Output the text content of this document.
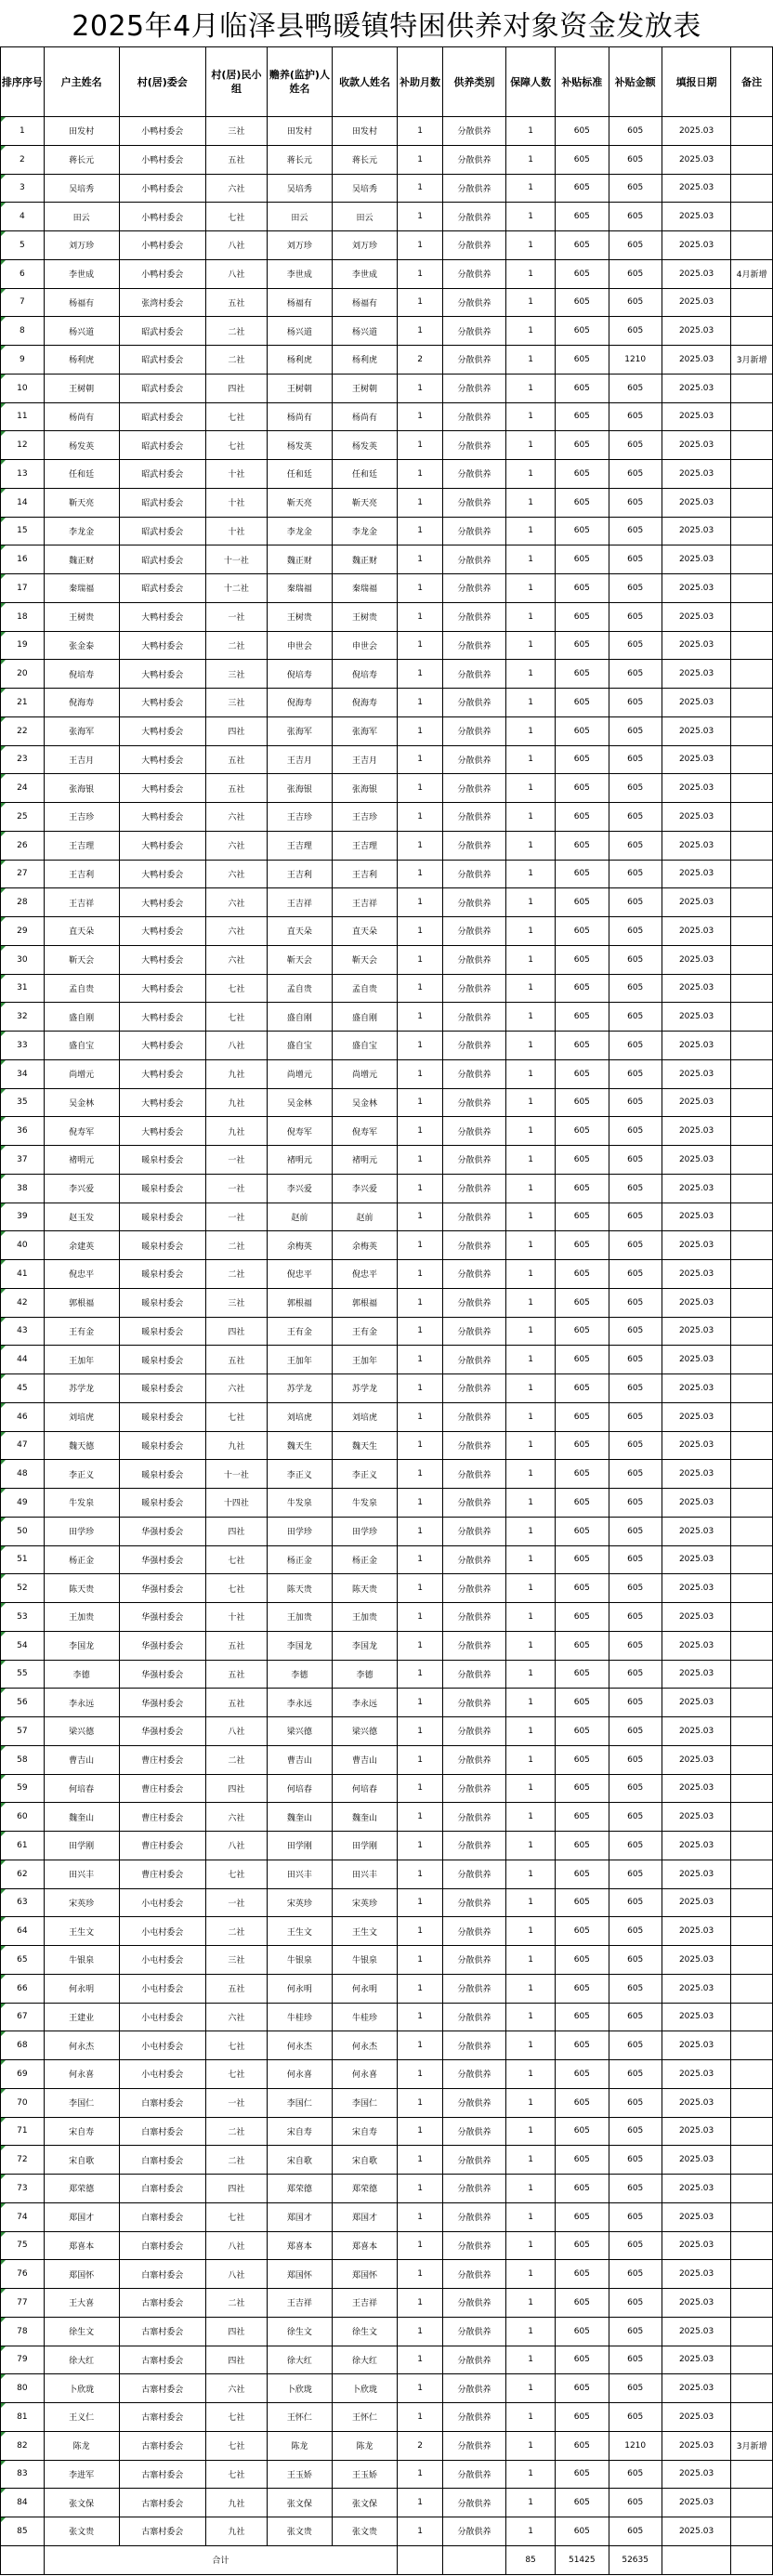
2025年4月临泽县鸭暖镇特困供养对象资金发放表
排序序号	户主姓名	村(居)委会	村(居)民小组	赡养(监护)人姓名	收款人姓名	补助月数	供养类别	保障人数	补贴标准	补贴金额	填报日期	备注
1	田发村	小鸭村委会	三社	田发村	田发村	1	分散供养	1	605	605	2025.03	
2	蒋长元	小鸭村委会	五社	蒋长元	蒋长元	1	分散供养	1	605	605	2025.03	
3	吴培秀	小鸭村委会	六社	吴培秀	吴培秀	1	分散供养	1	605	605	2025.03	
4	田云	小鸭村委会	七社	田云	田云	1	分散供养	1	605	605	2025.03	
5	刘万珍	小鸭村委会	八社	刘万珍	刘万珍	1	分散供养	1	605	605	2025.03	
6	李世成	小鸭村委会	八社	李世成	李世成	1	分散供养	1	605	605	2025.03	4月新增
7	杨福有	张湾村委会	五社	杨福有	杨福有	1	分散供养	1	605	605	2025.03	
8	杨兴道	昭武村委会	二社	杨兴道	杨兴道	1	分散供养	1	605	605	2025.03	
9	杨利虎	昭武村委会	二社	杨利虎	杨利虎	2	分散供养	1	605	1210	2025.03	3月新增
10	王树朝	昭武村委会	四社	王树朝	王树朝	1	分散供养	1	605	605	2025.03	
11	杨尚有	昭武村委会	七社	杨尚有	杨尚有	1	分散供养	1	605	605	2025.03	
12	杨发英	昭武村委会	七社	杨发英	杨发英	1	分散供养	1	605	605	2025.03	
13	任和廷	昭武村委会	十社	任和廷	任和廷	1	分散供养	1	605	605	2025.03	
14	靳天亮	昭武村委会	十社	靳天亮	靳天亮	1	分散供养	1	605	605	2025.03	
15	李龙金	昭武村委会	十社	李龙金	李龙金	1	分散供养	1	605	605	2025.03	
16	魏正财	昭武村委会	十一社	魏正财	魏正财	1	分散供养	1	605	605	2025.03	
17	秦瑞福	昭武村委会	十二社	秦瑞福	秦瑞福	1	分散供养	1	605	605	2025.03	
18	王树贵	大鸭村委会	一社	王树贵	王树贵	1	分散供养	1	605	605	2025.03	
19	张金泰	大鸭村委会	二社	申世会	申世会	1	分散供养	1	605	605	2025.03	
20	倪培寿	大鸭村委会	三社	倪培寿	倪培寿	1	分散供养	1	605	605	2025.03	
21	倪海寿	大鸭村委会	三社	倪海寿	倪海寿	1	分散供养	1	605	605	2025.03	
22	张海军	大鸭村委会	四社	张海军	张海军	1	分散供养	1	605	605	2025.03	
23	王吉月	大鸭村委会	五社	王吉月	王吉月	1	分散供养	1	605	605	2025.03	
24	张海银	大鸭村委会	五社	张海银	张海银	1	分散供养	1	605	605	2025.03	
25	王吉珍	大鸭村委会	六社	王吉珍	王吉珍	1	分散供养	1	605	605	2025.03	
26	王吉理	大鸭村委会	六社	王吉理	王吉理	1	分散供养	1	605	605	2025.03	
27	王吉利	大鸭村委会	六社	王吉利	王吉利	1	分散供养	1	605	605	2025.03	
28	王吉祥	大鸭村委会	六社	王吉祥	王吉祥	1	分散供养	1	605	605	2025.03	
29	直天朵	大鸭村委会	六社	直天朵	直天朵	1	分散供养	1	605	605	2025.03	
30	靳天会	大鸭村委会	六社	靳天会	靳天会	1	分散供养	1	605	605	2025.03	
31	孟自贵	大鸭村委会	七社	孟自贵	孟自贵	1	分散供养	1	605	605	2025.03	
32	盛自刚	大鸭村委会	七社	盛自刚	盛自刚	1	分散供养	1	605	605	2025.03	
33	盛自宝	大鸭村委会	八社	盛自宝	盛自宝	1	分散供养	1	605	605	2025.03	
34	尚增元	大鸭村委会	九社	尚增元	尚增元	1	分散供养	1	605	605	2025.03	
35	吴金林	大鸭村委会	九社	吴金林	吴金林	1	分散供养	1	605	605	2025.03	
36	倪寿军	大鸭村委会	九社	倪寿军	倪寿军	1	分散供养	1	605	605	2025.03	
37	褚明元	暖泉村委会	一社	褚明元	褚明元	1	分散供养	1	605	605	2025.03	
38	李兴爱	暖泉村委会	一社	李兴爱	李兴爱	1	分散供养	1	605	605	2025.03	
39	赵玉发	暖泉村委会	一社	赵前	赵前	1	分散供养	1	605	605	2025.03	
40	余建英	暖泉村委会	二社	余梅英	余梅英	1	分散供养	1	605	605	2025.03	
41	倪忠平	暖泉村委会	二社	倪忠平	倪忠平	1	分散供养	1	605	605	2025.03	
42	郭根福	暖泉村委会	三社	郭根福	郭根福	1	分散供养	1	605	605	2025.03	
43	王有金	暖泉村委会	四社	王有金	王有金	1	分散供养	1	605	605	2025.03	
44	王加年	暖泉村委会	五社	王加年	王加年	1	分散供养	1	605	605	2025.03	
45	苏学龙	暖泉村委会	六社	苏学龙	苏学龙	1	分散供养	1	605	605	2025.03	
46	刘培虎	暖泉村委会	七社	刘培虎	刘培虎	1	分散供养	1	605	605	2025.03	
47	魏天德	暖泉村委会	九社	魏天生	魏天生	1	分散供养	1	605	605	2025.03	
48	李正义	暖泉村委会	十一社	李正义	李正义	1	分散供养	1	605	605	2025.03	
49	牛发泉	暖泉村委会	十四社	牛发泉	牛发泉	1	分散供养	1	605	605	2025.03	
50	田学珍	华强村委会	四社	田学珍	田学珍	1	分散供养	1	605	605	2025.03	
51	杨正金	华强村委会	七社	杨正金	杨正金	1	分散供养	1	605	605	2025.03	
52	陈天贵	华强村委会	七社	陈天贵	陈天贵	1	分散供养	1	605	605	2025.03	
53	王加贵	华强村委会	十社	王加贵	王加贵	1	分散供养	1	605	605	2025.03	
54	李国龙	华强村委会	五社	李国龙	李国龙	1	分散供养	1	605	605	2025.03	
55	李德	华强村委会	五社	李德	李德	1	分散供养	1	605	605	2025.03	
56	李永远	华强村委会	五社	李永远	李永远	1	分散供养	1	605	605	2025.03	
57	梁兴德	华强村委会	八社	梁兴德	梁兴德	1	分散供养	1	605	605	2025.03	
58	曹吉山	曹庄村委会	二社	曹吉山	曹吉山	1	分散供养	1	605	605	2025.03	
59	何培春	曹庄村委会	四社	何培春	何培春	1	分散供养	1	605	605	2025.03	
60	魏奎山	曹庄村委会	六社	魏奎山	魏奎山	1	分散供养	1	605	605	2025.03	
61	田学刚	曹庄村委会	八社	田学刚	田学刚	1	分散供养	1	605	605	2025.03	
62	田兴丰	曹庄村委会	七社	田兴丰	田兴丰	1	分散供养	1	605	605	2025.03	
63	宋英珍	小屯村委会	一社	宋英珍	宋英珍	1	分散供养	1	605	605	2025.03	
64	王生文	小屯村委会	二社	王生文	王生文	1	分散供养	1	605	605	2025.03	
65	牛银泉	小屯村委会	三社	牛银泉	牛银泉	1	分散供养	1	605	605	2025.03	
66	何永明	小屯村委会	五社	何永明	何永明	1	分散供养	1	605	605	2025.03	
67	王建业	小屯村委会	六社	牛桂珍	牛桂珍	1	分散供养	1	605	605	2025.03	
68	何永杰	小屯村委会	七社	何永杰	何永杰	1	分散供养	1	605	605	2025.03	
69	何永喜	小屯村委会	七社	何永喜	何永喜	1	分散供养	1	605	605	2025.03	
70	李国仁	白寨村委会	一社	李国仁	李国仁	1	分散供养	1	605	605	2025.03	
71	宋自寿	白寨村委会	二社	宋自寿	宋自寿	1	分散供养	1	605	605	2025.03	
72	宋自歌	白寨村委会	二社	宋自歌	宋自歌	1	分散供养	1	605	605	2025.03	
73	郑荣德	白寨村委会	四社	郑荣德	郑荣德	1	分散供养	1	605	605	2025.03	
74	郑国才	白寨村委会	七社	郑国才	郑国才	1	分散供养	1	605	605	2025.03	
75	郑喜本	白寨村委会	八社	郑喜本	郑喜本	1	分散供养	1	605	605	2025.03	
76	郑国怀	白寨村委会	八社	郑国怀	郑国怀	1	分散供养	1	605	605	2025.03	
77	王大喜	古寨村委会	二社	王吉祥	王吉祥	1	分散供养	1	605	605	2025.03	
78	徐生文	古寨村委会	四社	徐生文	徐生文	1	分散供养	1	605	605	2025.03	
79	徐大红	古寨村委会	四社	徐大红	徐大红	1	分散供养	1	605	605	2025.03	
80	卜欣珑	古寨村委会	六社	卜欣珑	卜欣珑	1	分散供养	1	605	605	2025.03	
81	王义仁	古寨村委会	七社	王怀仁	王怀仁	1	分散供养	1	605	605	2025.03	
82	陈龙	古寨村委会	七社	陈龙	陈龙	2	分散供养	1	605	1210	2025.03	3月新增
83	李进军	古寨村委会	七社	王玉娇	王玉娇	1	分散供养	1	605	605	2025.03	
84	张文保	古寨村委会	九社	张文保	张文保	1	分散供养	1	605	605	2025.03	
85	张文贵	古寨村委会	九社	张文贵	张文贵	1	分散供养	1	605	605	2025.03	
	合计							85	51425	52635		
